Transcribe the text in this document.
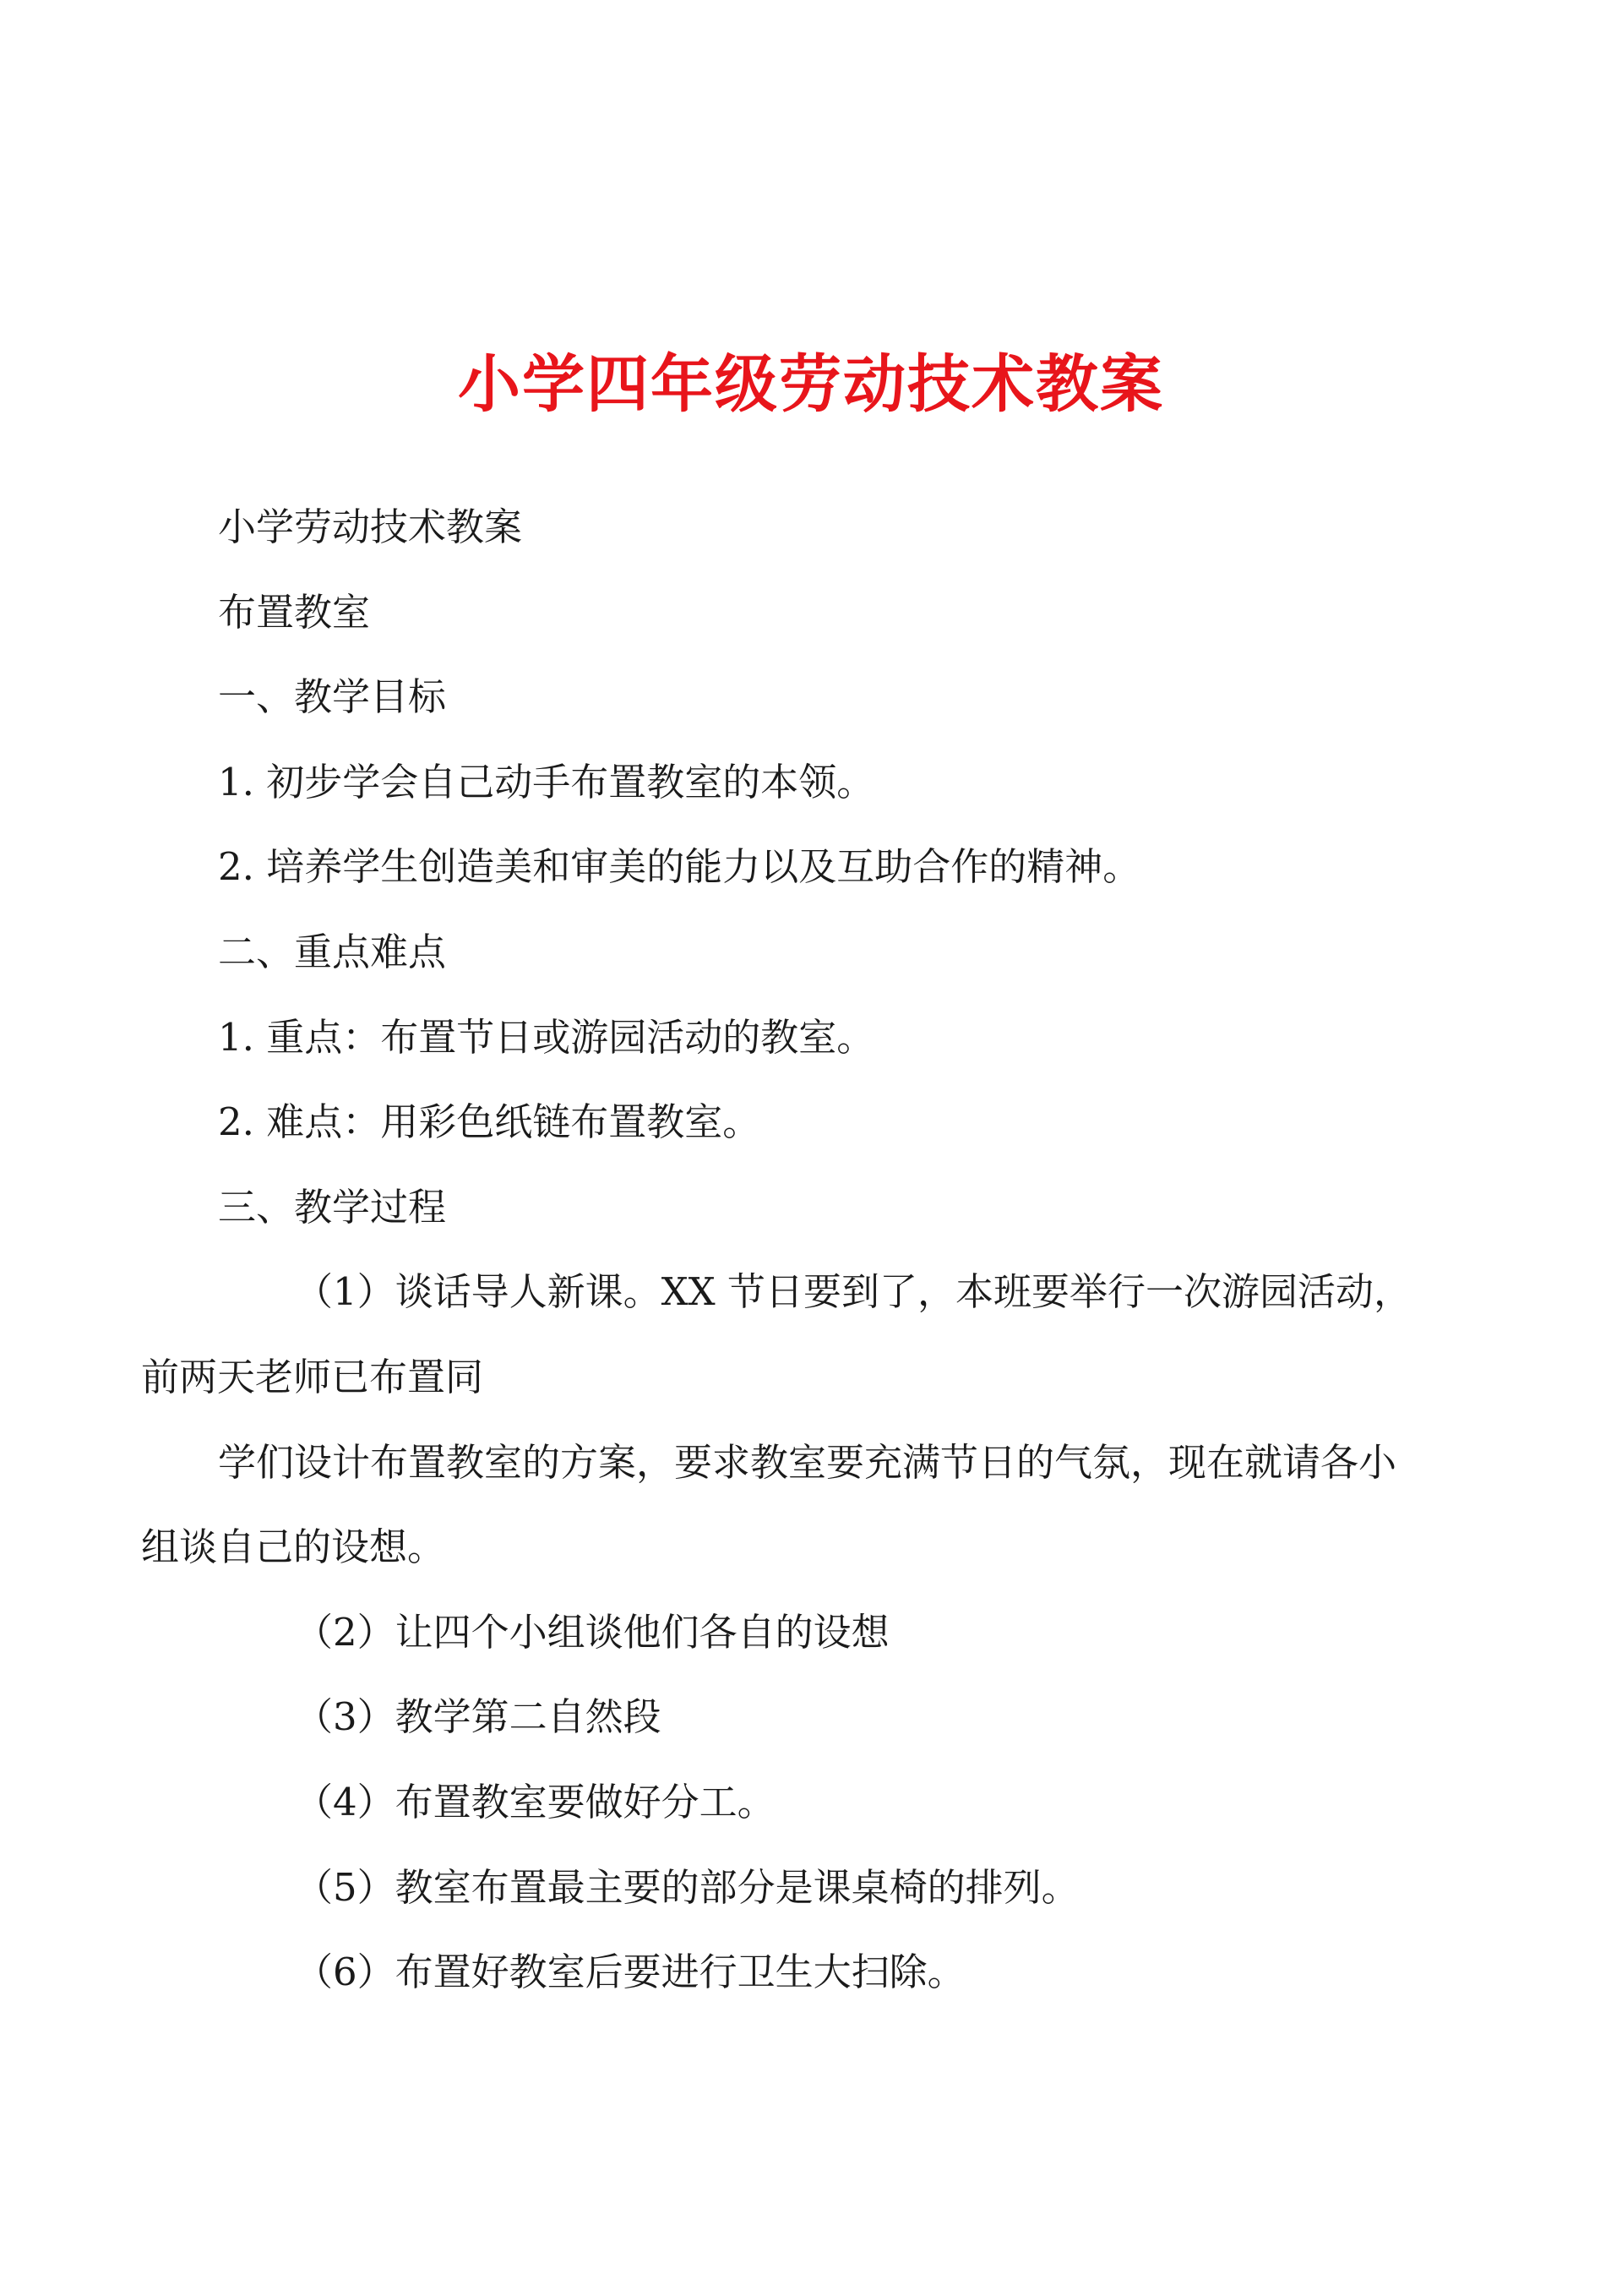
小学四年级劳动技术教案

小学劳动技术教案

布置教室

一、教学目标

1. 初步学会自己动手布置教室的本领。

2. 培养学生创造美和审美的能力以及互助合作的精神。

二、重点难点

1. 重点：布置节日或游园活动的教室。

2. 难点：用彩色纸链布置教室。

三、教学过程

（1）谈话导人新课。XX 节日要到了，本班要举行一次游园活动，前两天老师已布置同

学们设计布置教室的方案，要求教室要充满节日的气氛，现在就请各小组谈自己的设想。

（2）让四个小组谈他们各自的设想

（3）教学第二自然段

（4）布置教室要做好分工。

（5）教室布置最主要的部分是课桌椅的排列。

（6）布置好教室后要进行卫生大扫除。
